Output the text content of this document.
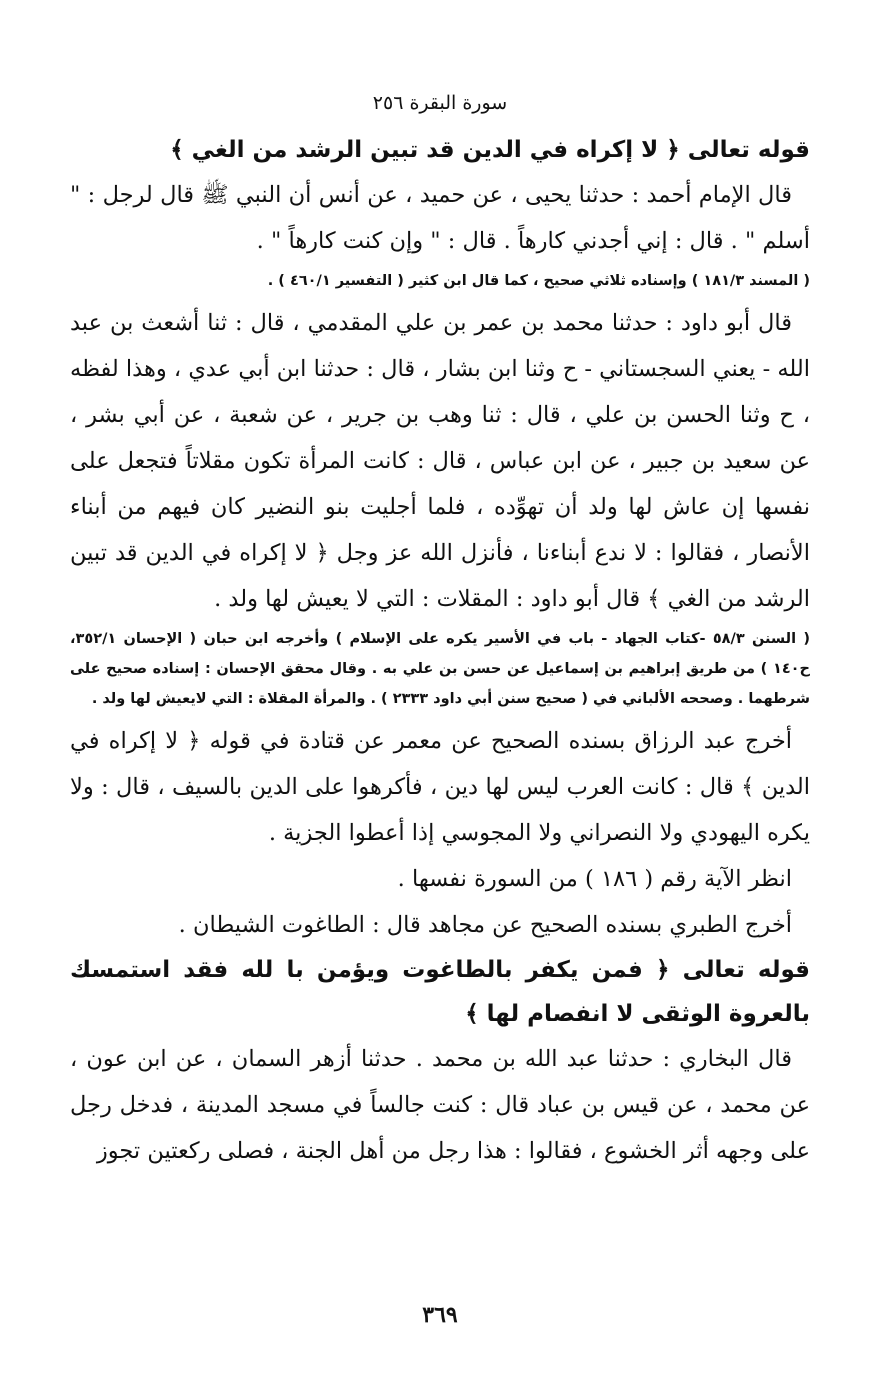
سورة البقرة ٢٥٦

قوله تعالى ﴿ لا إكراه في الدين قد تبين الرشد من الغي ﴾

قال الإمام أحمد : حدثنا يحيى ، عن حميد ، عن أنس أن النبي ﷺ قال لرجل : " أسلم " . قال : إني أجدني كارهاً . قال : " وإن كنت كارهاً " .

( المسند ١٨١/٣ ) وإسناده ثلاثي صحيح ، كما قال ابن كثير ( التفسير ٤٦٠/١ ) .

قال أبو داود : حدثنا محمد بن عمر بن علي المقدمي ، قال : ثنا أشعث بن عبد الله - يعني السجستاني - ح وثنا ابن بشار ، قال : حدثنا ابن أبي عدي ، وهذا لفظه ، ح وثنا الحسن بن علي ، قال : ثنا وهب بن جرير ، عن شعبة ، عن أبي بشر ، عن سعيد بن جبير ، عن ابن عباس ، قال : كانت المرأة تكون مقلاتاً فتجعل على نفسها إن عاش لها ولد أن تهوِّده ، فلما أجليت بنو النضير كان فيهم من أبناء الأنصار ، فقالوا : لا ندع أبناءنا ، فأنزل الله عز وجل ﴿ لا إكراه في الدين قد تبين الرشد من الغي ﴾ قال أبو داود : المقلات : التي لا يعيش لها ولد .

( السنن ٥٨/٣ -كتاب الجهاد - باب في الأسير يكره على الإسلام ) وأخرجه ابن حبان ( الإحسان ٣٥٢/١، ح١٤٠ ) من طريق إبراهيم بن إسماعيل عن حسن بن علي به . وقال محقق الإحسان : إسناده صحيح على شرطهما . وصححه الألباني في ( صحيح سنن أبي داود ٢٣٣٣ ) . والمرأة المقلاة : التي لايعيش لها ولد .

أخرج عبد الرزاق بسنده الصحيح عن معمر عن قتادة في قوله ﴿ لا إكراه في الدين ﴾ قال : كانت العرب ليس لها دين ، فأكرهوا على الدين بالسيف ، قال : ولا يكره اليهودي ولا النصراني ولا المجوسي إذا أعطوا الجزية .

انظر الآية رقم ( ١٨٦ ) من السورة نفسها .

أخرج الطبري بسنده الصحيح عن مجاهد قال : الطاغوت الشيطان .

قوله تعالى ﴿ فمن يكفر بالطاغوت ويؤمن با لله فقد استمسك بالعروة الوثقى لا انفصام لها ﴾

قال البخاري : حدثنا عبد الله بن محمد . حدثنا أزهر السمان ، عن ابن عون ، عن محمد ، عن قيس بن عباد قال : كنت جالساً في مسجد المدينة ، فدخل رجل على وجهه أثر الخشوع ، فقالوا : هذا رجل من أهل الجنة ، فصلى ركعتين تجوز

٣٦٩
